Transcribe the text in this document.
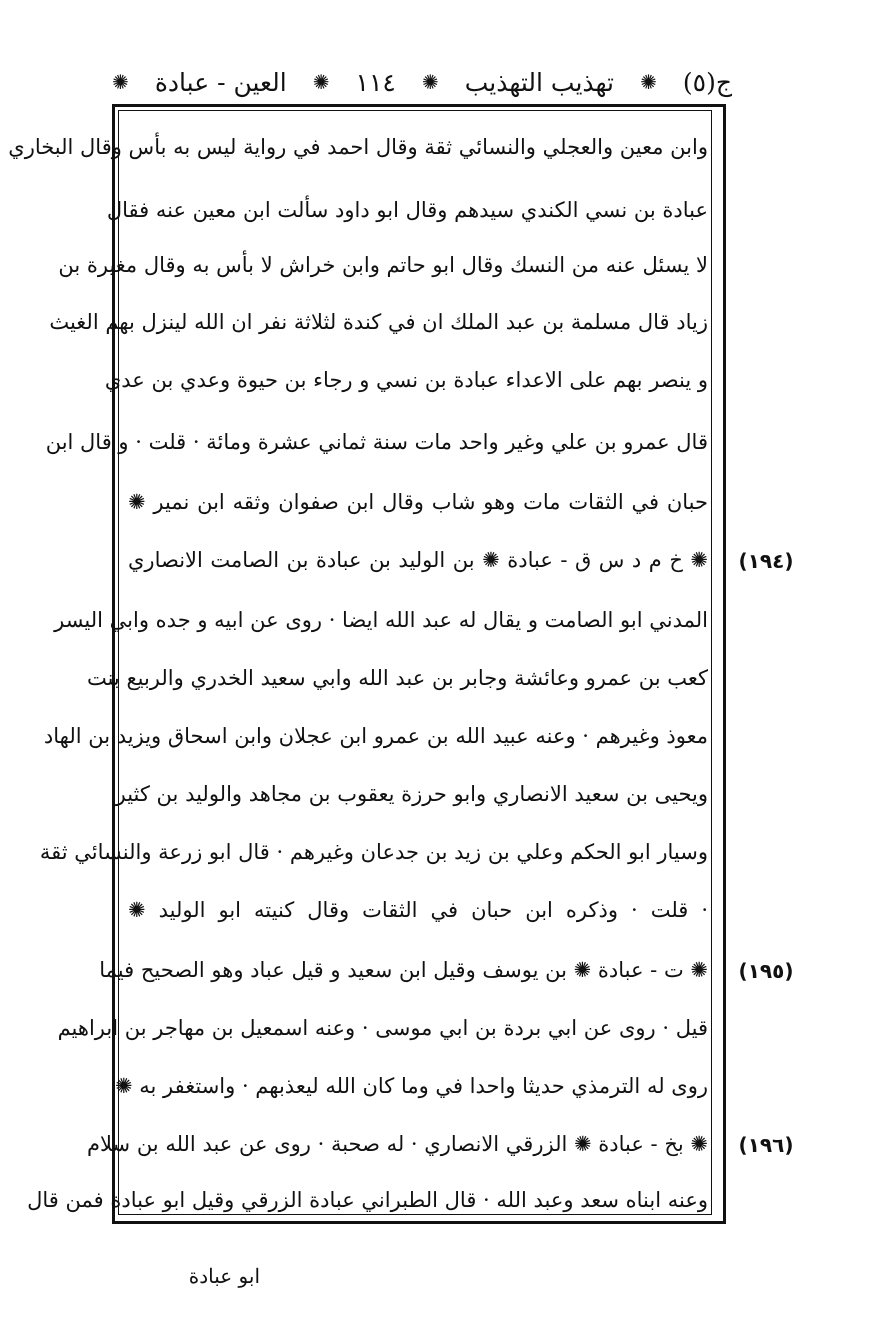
ج(٥)
✺
تهذيب التهذيب
✺
١١٤
✺
العين - عبادة
✺
وابن معين والعجلي والنسائي ثقة وقال احمد في رواية ليس به بأس وقال البخاري
عبادة بن نسي الكندي سيدهم وقال ابو داود سألت ابن معين عنه فقال
لا يسئل عنه من النسك وقال ابو حاتم وابن خراش لا بأس به وقال مغيرة بن
زياد قال مسلمة بن عبد الملك ان في كندة لثلاثة نفر ان الله لينزل بهم الغيث
و ينصر بهم على الاعداء عبادة بن نسي و رجاء بن حيوة وعدي بن عدي
قال عمرو بن علي وغير واحد مات سنة ثماني عشرة ومائة · قلت · و قال ابن
حبان في الثقات مات وهو شاب وقال ابن صفوان وثقه ابن نمير ✺
✺ خ م د س ق - عبادة ✺ بن الوليد بن عبادة بن الصامت الانصاري
المدني ابو الصامت و يقال له عبد الله ايضا · روى عن ابيه و جده وابي اليسر
كعب بن عمرو وعائشة وجابر بن عبد الله وابي سعيد الخدري والربيع بنت
معوذ وغيرهم · وعنه عبيد الله بن عمرو ابن عجلان وابن اسحاق ويزيد بن الهاد
ويحيى بن سعيد الانصاري وابو حرزة يعقوب بن مجاهد والوليد بن كثير
وسيار ابو الحكم وعلي بن زيد بن جدعان وغيرهم · قال ابو زرعة والنسائي ثقة
· قلت · وذكره ابن حبان في الثقات وقال كنيته ابو الوليد ✺
✺ ت - عبادة ✺ بن يوسف وقيل ابن سعيد و قيل عباد وهو الصحيح فيما
قيل · روى عن ابي بردة بن ابي موسى · وعنه اسمعيل بن مهاجر بن ابراهيم
روى له الترمذي حديثا واحدا في وما كان الله ليعذبهم · واستغفر به ✺
✺ بخ - عبادة ✺ الزرقي الانصاري · له صحبة · روى عن عبد الله بن سلام
وعنه ابناه سعد وعبد الله · قال الطبراني عبادة الزرقي وقيل ابو عبادة فمن قال
(١٩٤)
(١٩٥)
(١٩٦)
ابو عبادة
